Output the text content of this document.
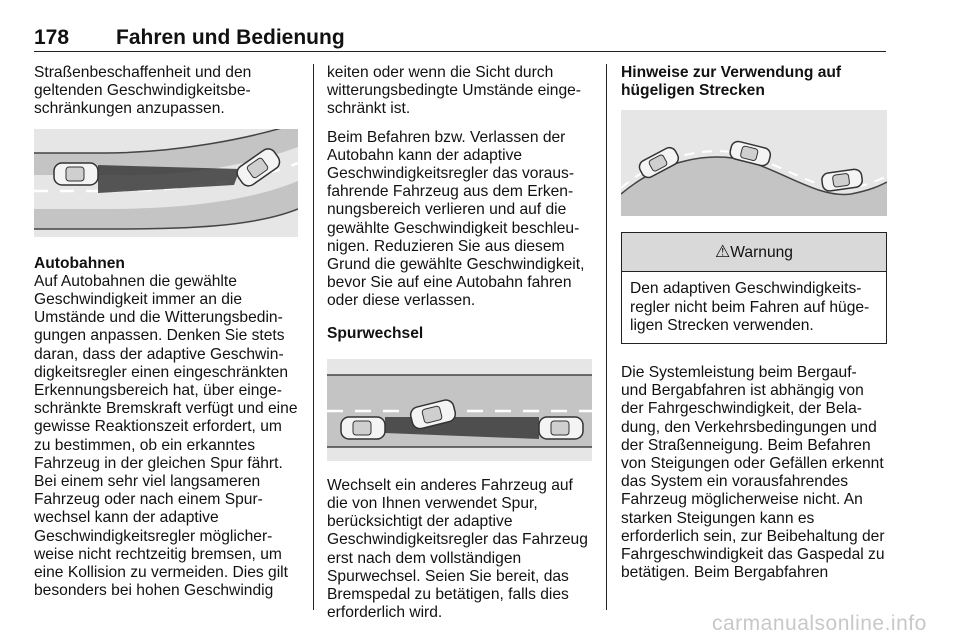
178 Fahren und Bedienung

Straßenbeschaffenheit und den geltenden Geschwindigkeitsbeschränkungen anzupassen.

Autobahnen
Auf Autobahnen die gewählte Geschwindigkeit immer an die Umstände und die Witterungsbedingungen anpassen. Denken Sie stets daran, dass der adaptive Geschwindigkeitsregler einen eingeschränkten Erkennungsbereich hat, über eingeschränkte Bremskraft verfügt und eine gewisse Reaktionszeit erfordert, um zu bestimmen, ob ein erkanntes Fahrzeug in der gleichen Spur fährt. Bei einem sehr viel langsameren Fahrzeug oder nach einem Spurwechsel kann der adaptive Geschwindigkeitsregler möglicherweise nicht rechtzeitig bremsen, um eine Kollision zu vermeiden. Dies gilt besonders bei hohen Geschwindig

keiten oder wenn die Sicht durch witterungsbedingte Umstände eingeschränkt ist.

Beim Befahren bzw. Verlassen der Autobahn kann der adaptive Geschwindigkeitsregler das vorausfahrende Fahrzeug aus dem Erkennungsbereich verlieren und auf die gewählte Geschwindigkeit beschleunigen. Reduzieren Sie aus diesem Grund die gewählte Geschwindigkeit, bevor Sie auf eine Autobahn fahren oder diese verlassen.

Spurwechsel

Wechselt ein anderes Fahrzeug auf die von Ihnen verwendet Spur, berücksichtigt der adaptive Geschwindigkeitsregler das Fahrzeug erst nach dem vollständigen Spurwechsel. Seien Sie bereit, das Bremspedal zu betätigen, falls dies erforderlich wird.

Hinweise zur Verwendung auf hügeligen Strecken

⚠Warnung
Den adaptiven Geschwindigkeitsregler nicht beim Fahren auf hügeligen Strecken verwenden.

Die Systemleistung beim Bergauf- und Bergabfahren ist abhängig von der Fahrgeschwindigkeit, der Beladung, den Verkehrsbedingungen und der Straßenneigung. Beim Befahren von Steigungen oder Gefällen erkennt das System ein vorausfahrendes Fahrzeug möglicherweise nicht. An starken Steigungen kann es erforderlich sein, zur Beibehaltung der Fahrgeschwindigkeit das Gaspedal zu betätigen. Beim Bergabfahren

carmanualsonline.info
